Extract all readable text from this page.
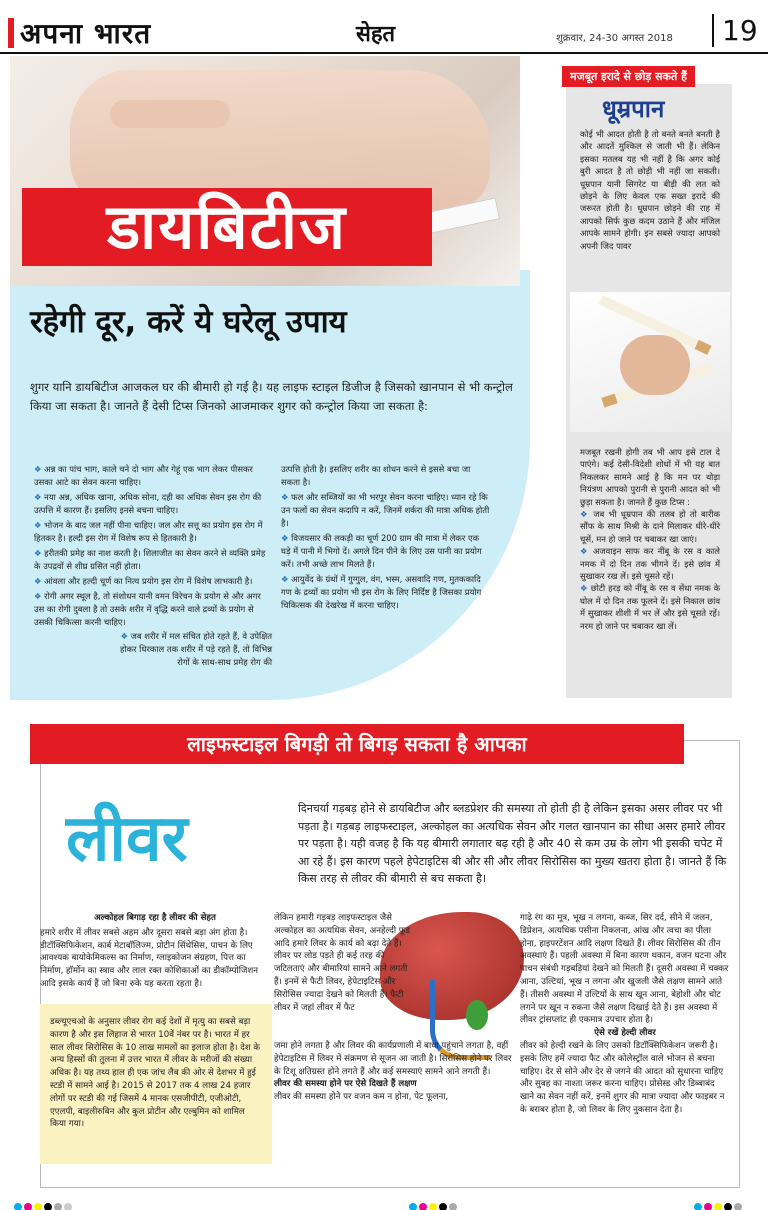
अपना भारत	सेहत	शुक्रवार, 24-30 अगस्त 2018	19
डायबिटीज
रहेगी दूर, करें ये घरेलू उपाय
शुगर यानि डायबिटीज आजकल घर की बीमारी हो गई है। यह लाइफ स्टाइल डिजीज है जिसको खानपान से भी कन्ट्रोल किया जा सकता है। जानते हैं देसी टिप्स जिनको आजमाकर शुगर को कन्ट्रोल किया जा सकता है:

❖ अन्न का पांच भाग, काले चने दो भाग और गेहूं एक भाग लेकर पीसकर उसका आटे का सेवन करना चाहिए।

❖ नया अन्न, अधिक खाना, अधिक सोना, दही का अधिक सेवन इस रोग की उत्पत्ति में कारण हैं। इसलिए इनसे बचना चाहिए।

❖ भोजन के बाद जल नहीं पीना चाहिए। जल और सत्तू का प्रयोग इस रोग में हितकर है। हल्दी इस रोग में विशेष रूप से हितकारी है।

❖ हरीतकी प्रमेह का नाश करती है। शिलाजीत का सेवन करने से व्यक्ति प्रमेह के उपद्रवों से शीघ्र ग्रसित नहीं होता।

❖ आंवला और हल्दी चूर्ण का नित्य प्रयोग इस रोग में विशेष लाभकारी है।

❖ रोगी अगर स्थूल है, तो संशोधन यानी वमन विरेचन के प्रयोग से और अगर उस का रोगी दुबला है तो उसके शरीर में वृद्धि करने वाले द्रव्यों के प्रयोग से उसकी चिकित्सा करनी चाहिए।

❖ जब शरीर में मल संचित होते रहते हैं, वे उपेक्षित होकर धिरकाल तक शरीर में पड़े रहते हैं, तो विभिन्न रोगों के साथ-साथ प्रमेह रोग की

उत्पत्ति होती है। इसलिए शरीर का शोधन करने से इससे बचा जा सकता है।

❖ फल और सब्जियों का भी भरपूर सेवन करना चाहिए। ध्यान रहे कि उन फलों का सेवन कदापि न करें, जिनमें शर्करा की मात्रा अधिक होती है।

❖ विजयसार की लकड़ी का चूर्ण 200 ग्राम की मात्रा में लेकर एक घड़े में पानी में भिगो दें। अगले दिन पीने के लिए उस पानी का प्रयोग करें। तभी अच्छे लाभ मिलते हैं।

❖ आयुर्वेद के ग्रंथों में गुग्गुल, वंग, भस्म, असवादि गण, मुतककादि गण के द्रव्यों का प्रयोग भी इस रोग के लिए निर्दिष्ट है जिसका प्रयोग चिकित्सक की देखरेख में करना चाहिए।

मजबूत इरादे से छोड़ सकते हैं
धूम्रपान
कोई भी आदत होती है तो बनते बनते बनती है और आदतें मुश्किल से जाती भी हैं। लेकिन इसका मतलब यह भी नहीं है कि अगर कोई बुरी आदत है तो छोड़ी भी नहीं जा सकती। धूम्रपान यानी सिगरेट या बीड़ी की लत को छोड़ने के लिए केवल एक सख्त इरादे की जरूरत होती है। धूम्रपान छोड़ने की राह में आपको सिर्फ कुछ कदम उठाने हैं और मंजिल आपके सामने होगी। इन सबसे ज्यादा आपको अपनी जिद पावर

मजबूत रखनी होगी तब भी आप इसे टाल दे पाएंगे। कई देसी-विदेशी शोधों में भी यह बात निकलकर सामने आई है कि मन पर थोड़ा नियंत्रण आपको पुरानी से पुरानी आदत को भी छुड़ा सकता है। जानते हैं कुछ टिप्स :

❖ जब भी धूम्रपान की तलब हो तो बारीक सौंफ के साथ मिश्री के दाने मिलाकर धीरे-धीरे चूसें, मन हो जाने पर चबाकर खा जाएं।

❖ अजवाइन साफ कर नींबू के रस व काले नमक में दो दिन तक भीगने दें। इसे छांव में सुखाकर रख लें। इसे चूसते रहें।

❖ छोटी हरड़ को नींबू के रस व सेंधा नमक के घोल में दो दिन तक फूलने दें। इसे निकाल छांव में सुखाकर शीशी में भर लें और इसे चूसते रहें। नरम हो जाने पर चबाकर खा लें।

लाइफस्टाइल बिगड़ी तो बिगड़ सकता है आपका
लीवर	दिनचर्या गड़बड़ होने से डायबिटीज और ब्लडप्रेशर की समस्या तो होती ही है लेकिन इसका असर लीवर पर भी पड़ता है। गड़बड़ लाइफस्टाइल, अल्कोहल का अत्यधिक सेवन और गलत खानपान का सीधा असर हमारे लीवर पर पड़ता है। यही वजह है कि यह बीमारी लगातार बढ़ रही है और 40 से कम उम्र के लोग भी इसकी चपेट में आ रहे हैं। इस कारण पहले हेपेटाइटिस बी और सी और लीवर सिरोसिस का मुख्य खतरा होता है। जानते हैं कि किस तरह से लीवर की बीमारी से बच सकता है।
अल्कोहल बिगाड़ रहा है लीवर की सेहत
हमारे शरीर में लीवर सबसे अहम और दूसरा सबसे बड़ा अंग होता है। डीटॉक्सिफिकेशन, कार्ब मेटाबॉलिज्म, प्रोटीन सिंथेसिस, पाचन के लिए आवश्यक बायोकेमिकल्स का निर्माण, ग्लाइकोजन संग्रहण, पित्त का निर्माण, हॉर्मोन का स्त्राव और लाल रक्त कोशिकाओं का डीकॉम्पोजिशन आदि इसके कार्य हैं जो बिना रुके यह करता रहता है।
डब्ल्यूएचओ के अनुसार लीवर रोग कई देशों में मृत्यु का सबसे बड़ा कारण है और इस लिहाज से भारत 10वें नंबर पर है। भारत में हर साल लीवर सिरोसिस के 10 लाख मामलों का इलाज होता है। देश के अन्य हिस्सों की तुलना में उत्तर भारत में लीवर के मरीजों की संख्या अधिक है। यह तथ्य हाल ही एक जांच लैब की ओर से देशभर में हुई स्टडी में सामने आई है। 2015 से 2017 तक 4 लाख 24 हजार लोगों पर स्टडी की गई जिसमें 4 मानक एसजीपीटी, एजीओटी, एएलपी, बाइलीरुबिन और कुल प्रोटीन और एल्बुमिन को शामिल किया गया।
लेकिन हमारी गड़बड़ लाइफस्टाइल जैसे अल्कोहल का अत्यधिक सेवन, अनहेल्दी फूड आदि हमारे लिवर के कार्य को बढ़ा देते हैं। लीवर पर लोड पड़ते ही कई तरह की जटिलताएं और बीमारियां सामने आने लगती हैं। इनमें से फैटी लिवर, हेपेटाइटिस और सिरोसिस ज्यादा देखने को मिलती हैं। फैटी लीवर में जहां लीवर में फैट
जमा होने लगता है और लिवर की कार्यप्रणाली में बाधा पहुंचाने लगता है, वहीं हेपेटाइटिस में लिवर में संक्रमण से सूजन आ जाती है। सिरोसिस होने पर लिवर के टिशू क्षतिग्रस्त होने लगते हैं और कई समस्याएं सामने आने लगती हैं।
लीवर की समस्या होने पर ऐसे दिखते हैं लक्षण
लीवर की समस्या होने पर वजन कम न होना, पेट फूलना,
गाढ़े रंग का मूत्र, भूख न लगना, कब्ज, सिर दर्द, सीने में जलन, डिप्रेशन, अत्यधिक पसीना निकलना, आंख और त्वचा का पीला होना, हाइपरटेंशन आदि लक्षण दिखते हैं। लीवर सिरोसिस की तीन अवस्थाएं हैं। पहली अवस्था में बिना कारण थकान, वजन घटना और पाचन संबंधी गड़बड़ियां देखने को मिलती हैं। दूसरी अवस्था में चक्कर आना, उल्टियां, भूख न लगना और खुजली जैसे लक्षण सामने आते हैं। तीसरी अवस्था में उल्टियों के साथ खून आना, बेहोशी और चोट लगने पर खून न रुकना जैसे लक्षण दिखाई देते हैं। इस अवस्था में लीवर ट्रांसप्लांट ही एकमात्र उपचार होता है।
ऐसे रखें हेल्दी लीवर
लीवर को हेल्दी रखने के लिए उसको डिटॉक्सिफिकेशन जरूरी है। इसके लिए हमें ज्यादा फैट और कोलेस्ट्रॉल वाले भोजन से बचना चाहिए। देर से सोने और देर से जगने की आदत को सुधारना चाहिए और सुबह का नाश्ता जरूर करना चाहिए। प्रोसेस्ड और डिब्बाबंद खाने का सेवन नहीं करें, इनमें शुगर की मात्रा ज्यादा और फाइबर न के बराबर होता है, जो लिवर के लिए नुकसान देता है।
